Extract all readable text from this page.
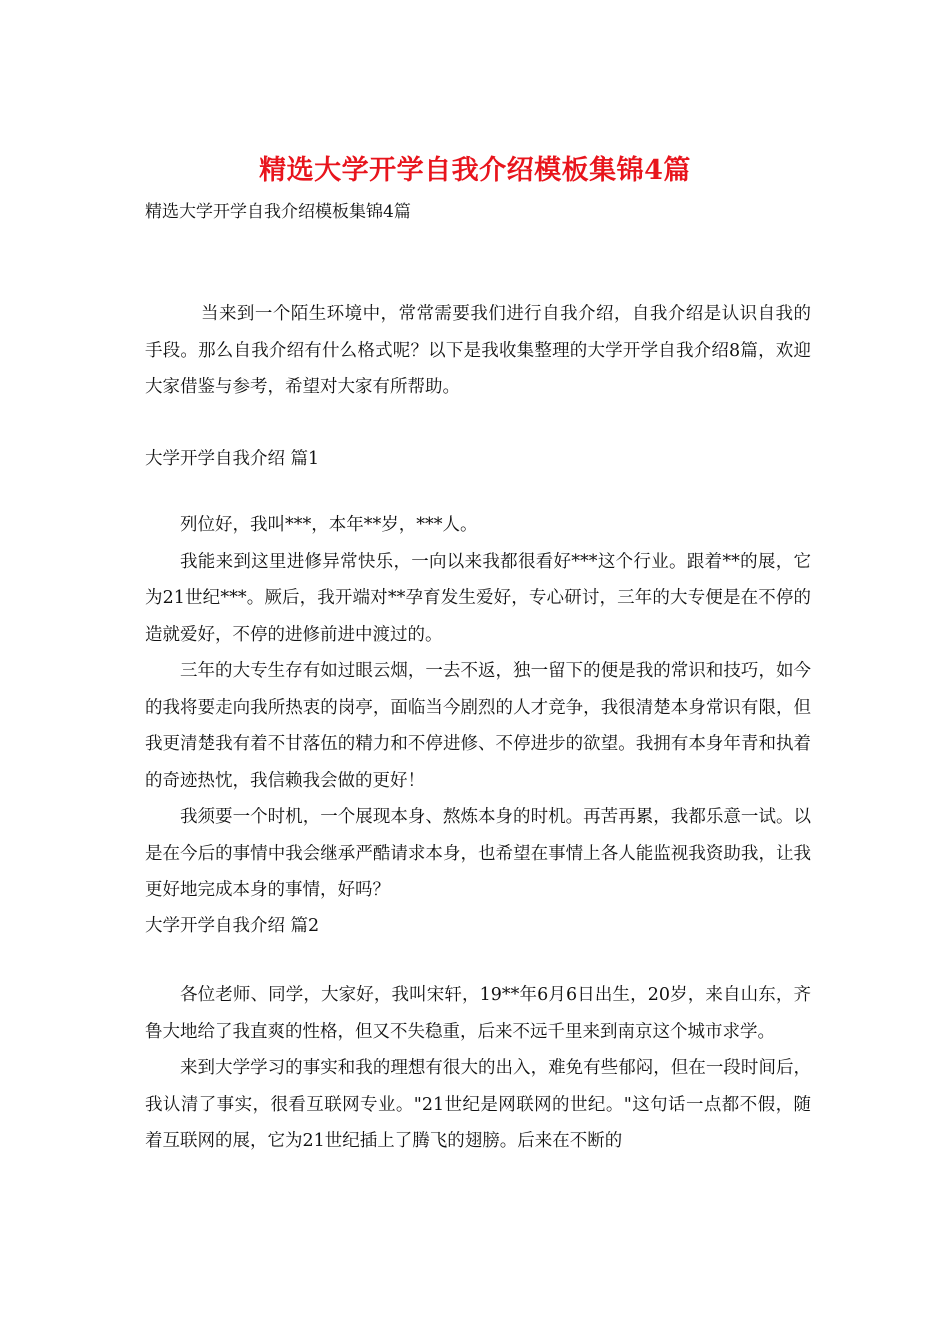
精选大学开学自我介绍模板集锦4篇
精选大学开学自我介绍模板集锦4篇

当来到一个陌生环境中，常常需要我们进行自我介绍，自我介绍是认识自我的手段。那么自我介绍有什么格式呢？以下是我收集整理的大学开学自我介绍8篇，欢迎大家借鉴与参考，希望对大家有所帮助。

大学开学自我介绍 篇1

列位好，我叫***，本年**岁，***人。

我能来到这里进修异常快乐，一向以来我都很看好***这个行业。跟着**的展，它为21世纪***。厥后，我开端对**孕育发生爱好，专心研讨，三年的大专便是在不停的造就爱好，不停的进修前进中渡过的。

三年的大专生存有如过眼云烟，一去不返，独一留下的便是我的常识和技巧，如今的我将要走向我所热衷的岗亭，面临当今剧烈的人才竞争，我很清楚本身常识有限，但我更清楚我有着不甘落伍的精力和不停进修、不停进步的欲望。我拥有本身年青和执着的奇迹热忱，我信赖我会做的更好！

我须要一个时机，一个展现本身、熬炼本身的时机。再苦再累，我都乐意一试。以是在今后的事情中我会继承严酷请求本身，也希望在事情上各人能监视我资助我，让我更好地完成本身的事情，好吗？

大学开学自我介绍 篇2

各位老师、同学，大家好，我叫宋轩，19**年6月6日出生，20岁，来自山东，齐鲁大地给了我直爽的性格，但又不失稳重，后来不远千里来到南京这个城市求学。

来到大学学习的事实和我的理想有很大的出入，难免有些郁闷，但在一段时间后，我认清了事实，很看互联网专业。"21世纪是网联网的世纪。"这句话一点都不假，随着互联网的展，它为21世纪插上了腾飞的翅膀。后来在不断的
